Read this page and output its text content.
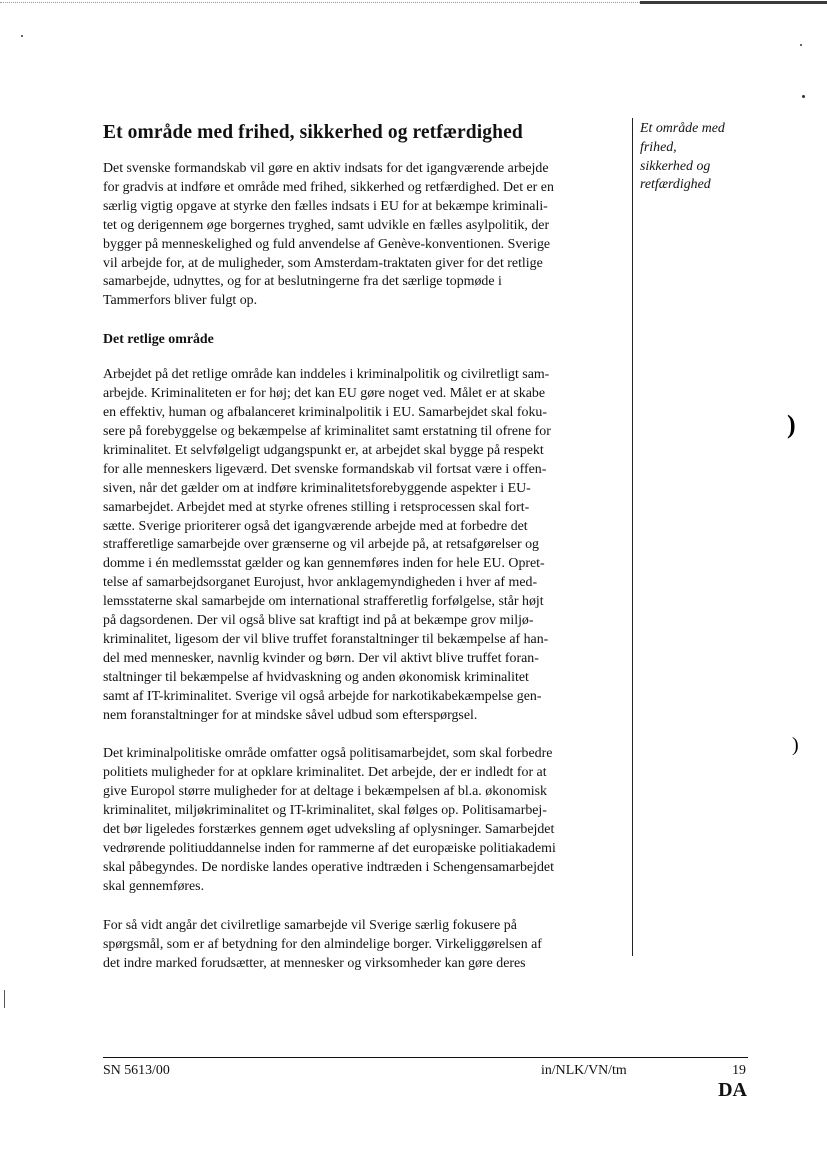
Et område med frihed, sikkerhed og retfærdighed

Det svenske formandskab vil gøre en aktiv indsats for det igangværende arbejde
for gradvis at indføre et område med frihed, sikkerhed og retfærdighed. Det er en
særlig vigtig opgave at styrke den fælles indsats i EU for at bekæmpe kriminali-
tet og derigennem øge borgernes tryghed, samt udvikle en fælles asylpolitik, der
bygger på menneskelighed og fuld anvendelse af Genève-konventionen. Sverige
vil arbejde for, at de muligheder, som Amsterdam-traktaten giver for det retlige
samarbejde, udnyttes, og for at beslutningerne fra det særlige topmøde i
Tammerfors bliver fulgt op.

Det retlige område

Arbejdet på det retlige område kan inddeles i kriminalpolitik og civilretligt sam-
arbejde. Kriminaliteten er for høj; det kan EU gøre noget ved. Målet er at skabe
en effektiv, human og afbalanceret kriminalpolitik i EU. Samarbejdet skal foku-
sere på forebyggelse og bekæmpelse af kriminalitet samt erstatning til ofrene for
kriminalitet. Et selvfølgeligt udgangspunkt er, at arbejdet skal bygge på respekt
for alle menneskers ligeværd. Det svenske formandskab vil fortsat være i offen-
siven, når det gælder om at indføre kriminalitetsforebyggende aspekter i EU-
samarbejdet. Arbejdet med at styrke ofrenes stilling i retsprocessen skal fort-
sætte. Sverige prioriterer også det igangværende arbejde med at forbedre det
strafferetlige samarbejde over grænserne og vil arbejde på, at retsafgørelser og
domme i én medlemsstat gælder og kan gennemføres inden for hele EU. Opret-
telse af samarbejdsorganet Eurojust, hvor anklagemyndigheden i hver af med-
lemsstaterne skal samarbejde om international strafferetlig forfølgelse, står højt
på dagsordenen. Der vil også blive sat kraftigt ind på at bekæmpe grov miljø-
kriminalitet, ligesom der vil blive truffet foranstaltninger til bekæmpelse af han-
del med mennesker, navnlig kvinder og børn. Der vil aktivt blive truffet foran-
staltninger til bekæmpelse af hvidvaskning og anden økonomisk kriminalitet
samt af IT-kriminalitet. Sverige vil også arbejde for narkotikabekæmpelse gen-
nem foranstaltninger for at mindske såvel udbud som efterspørgsel.

Det kriminalpolitiske område omfatter også politisamarbejdet, som skal forbedre
politiets muligheder for at opklare kriminalitet. Det arbejde, der er indledt for at
give Europol større muligheder for at deltage i bekæmpelsen af bl.a. økonomisk
kriminalitet, miljøkriminalitet og IT-kriminalitet, skal følges op. Politisamarbej-
det bør ligeledes forstærkes gennem øget udveksling af oplysninger. Samarbejdet
vedrørende politiuddannelse inden for rammerne af det europæiske politiakademi
skal påbegyndes. De nordiske landes operative indtræden i Schengensamarbejdet
skal gennemføres.

For så vidt angår det civilretlige samarbejde vil Sverige særlig fokusere på
spørgsmål, som er af betydning for den almindelige borger. Virkeliggørelsen af
det indre marked forudsætter, at mennesker og virksomheder kan gøre deres

Et område med
frihed,
sikkerhed og
retfærdighed
)
)
SN 5613/00	in/NLK/VN/tm	19
DA
